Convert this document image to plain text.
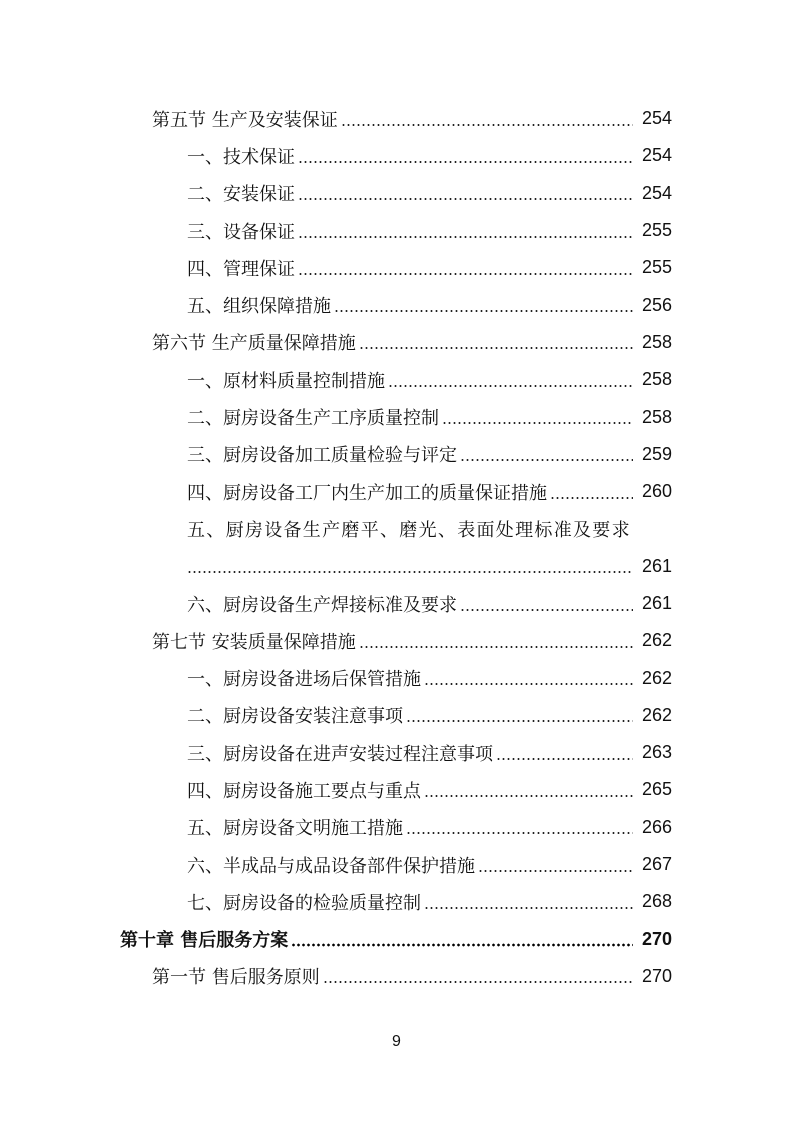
第五节 生产及安装保证	254
一、技术保证	254
二、安装保证	254
三、设备保证	255
四、管理保证	255
五、组织保障措施	256
第六节 生产质量保障措施	258
一、原材料质量控制措施	258
二、厨房设备生产工序质量控制	258
三、厨房设备加工质量检验与评定	259
四、厨房设备工厂内生产加工的质量保证措施	260
五、厨房设备生产磨平、磨光、表面处理标准及要求
261
六、厨房设备生产焊接标准及要求	261
第七节 安装质量保障措施	262
一、厨房设备进场后保管措施	262
二、厨房设备安装注意事项	262
三、厨房设备在进声安装过程注意事项	263
四、厨房设备施工要点与重点	265
五、厨房设备文明施工措施	266
六、半成品与成品设备部件保护措施	267
七、厨房设备的检验质量控制	268
第十章 售后服务方案	270
第一节 售后服务原则	270
9
